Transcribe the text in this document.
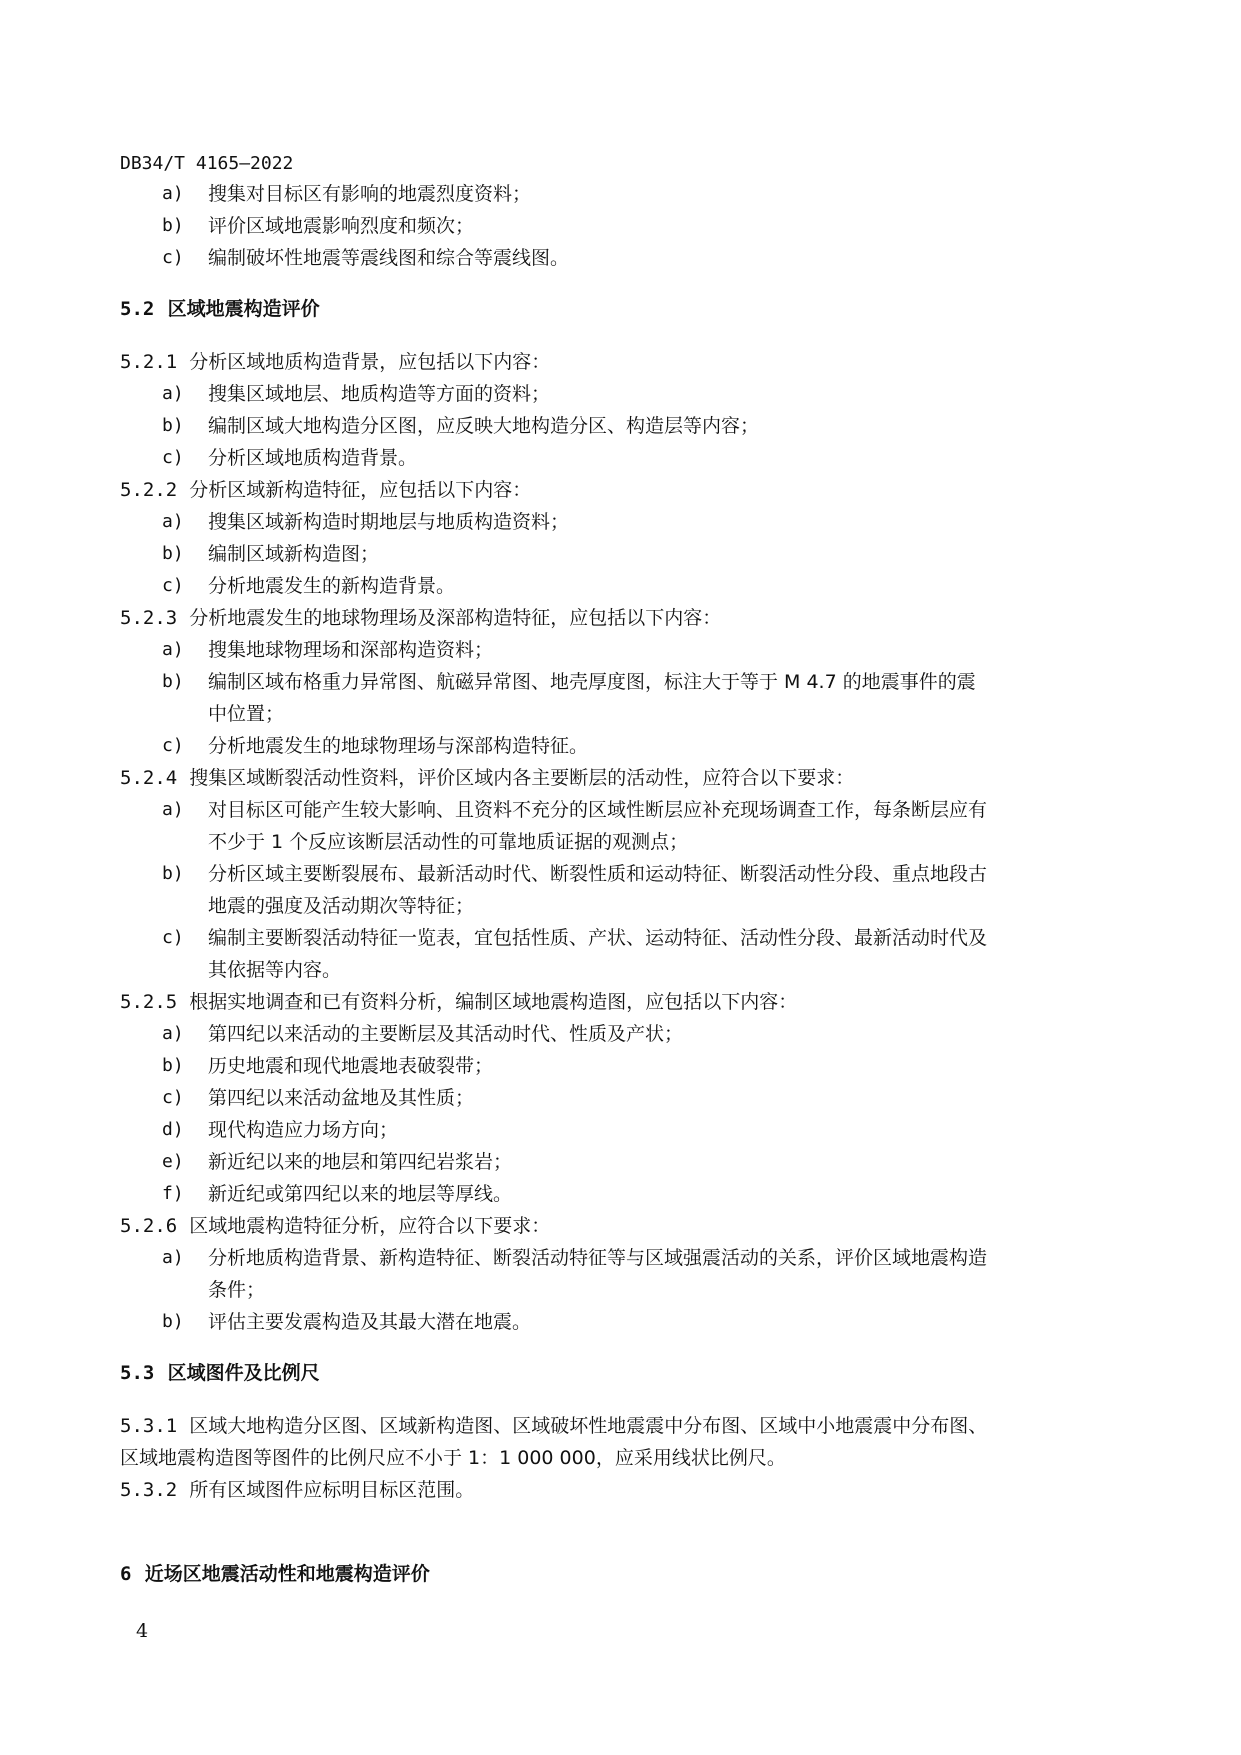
DB34/T 4165—2022
a) 搜集对目标区有影响的地震烈度资料；
b) 评价区域地震影响烈度和频次；
c) 编制破坏性地震等震线图和综合等震线图。
5.2 区域地震构造评价
5.2.1 分析区域地质构造背景，应包括以下内容：
a) 搜集区域地层、地质构造等方面的资料；
b) 编制区域大地构造分区图，应反映大地构造分区、构造层等内容；
c) 分析区域地质构造背景。
5.2.2 分析区域新构造特征，应包括以下内容：
a) 搜集区域新构造时期地层与地质构造资料；
b) 编制区域新构造图；
c) 分析地震发生的新构造背景。
5.2.3 分析地震发生的地球物理场及深部构造特征，应包括以下内容：
a) 搜集地球物理场和深部构造资料；
b) 编制区域布格重力异常图、航磁异常图、地壳厚度图，标注大于等于 M 4.7 的地震事件的震
中位置；
c) 分析地震发生的地球物理场与深部构造特征。
5.2.4 搜集区域断裂活动性资料，评价区域内各主要断层的活动性，应符合以下要求：
a) 对目标区可能产生较大影响、且资料不充分的区域性断层应补充现场调查工作，每条断层应有
不少于 1 个反应该断层活动性的可靠地质证据的观测点；
b) 分析区域主要断裂展布、最新活动时代、断裂性质和运动特征、断裂活动性分段、重点地段古
地震的强度及活动期次等特征；
c) 编制主要断裂活动特征一览表，宜包括性质、产状、运动特征、活动性分段、最新活动时代及
其依据等内容。
5.2.5 根据实地调查和已有资料分析，编制区域地震构造图，应包括以下内容：
a) 第四纪以来活动的主要断层及其活动时代、性质及产状；
b) 历史地震和现代地震地表破裂带；
c) 第四纪以来活动盆地及其性质；
d) 现代构造应力场方向；
e) 新近纪以来的地层和第四纪岩浆岩；
f) 新近纪或第四纪以来的地层等厚线。
5.2.6 区域地震构造特征分析，应符合以下要求：
a) 分析地质构造背景、新构造特征、断裂活动特征等与区域强震活动的关系，评价区域地震构造
条件；
b) 评估主要发震构造及其最大潜在地震。
5.3 区域图件及比例尺
5.3.1 区域大地构造分区图、区域新构造图、区域破坏性地震震中分布图、区域中小地震震中分布图、
区域地震构造图等图件的比例尺应不小于 1：1 000 000，应采用线状比例尺。
5.3.2 所有区域图件应标明目标区范围。
6 近场区地震活动性和地震构造评价
4
